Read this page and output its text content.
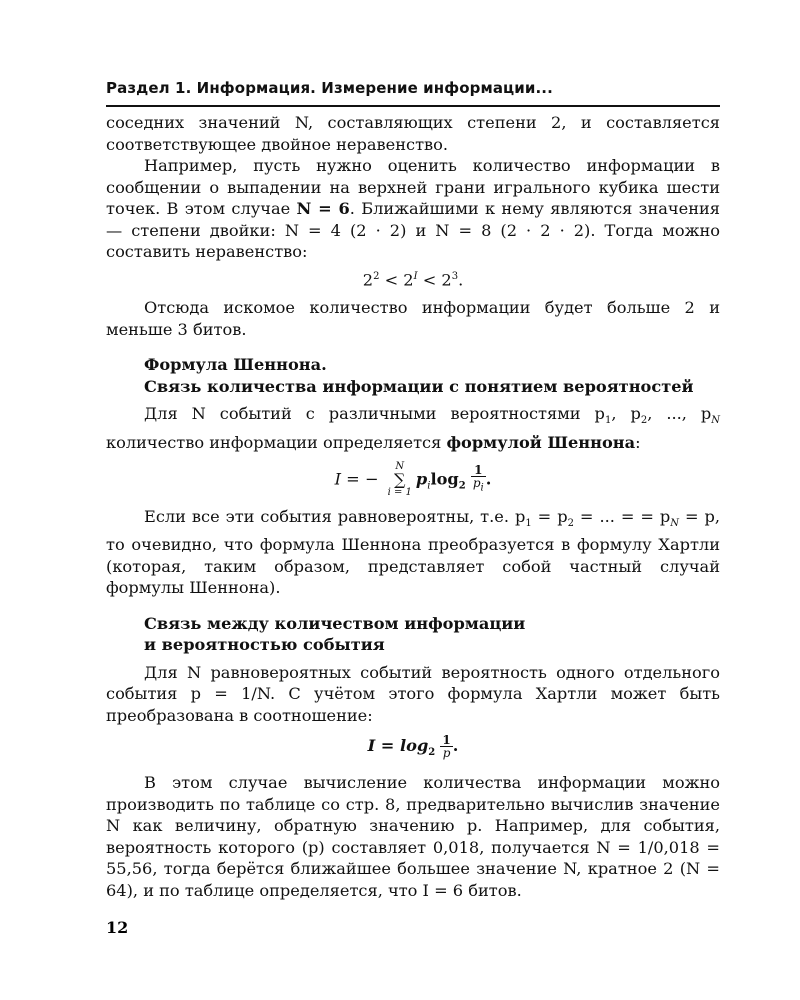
Раздел 1. Информация. Измерение информации...

соседних значений N, составляющих степени 2, и составляется соответствующее двойное неравенство.

Например, пусть нужно оценить количество информации в сообщении о выпадении на верхней грани игрального кубика шести точек. В этом случае N = 6. Ближайшими к нему являются значения — степени двойки: N = 4 (2 · 2) и N = 8 (2 · 2 · 2). Тогда можно составить неравенство:

$2^2 < 2^I < 2^3$.

Отсюда искомое количество информации будет больше 2 и меньше 3 битов.

Формула Шеннона.
Связь количества информации с понятием вероятностей

Для N событий с различными вероятностями $p_1$, $p_2$, ..., $p_N$ количество информации определяется формулой Шеннона:

I = − N
∑
$i = 1p_i\log_2 \frac{1}{p_i}$ .

Если все эти события равновероятны, т.е. $p_1 = p_2$ = ... = = $p_N = p$, то очевидно, что формула Шеннона преобразуется в формулу Хартли (которая, таким образом, представляет собой частный случай формулы Шеннона).

Связь между количеством информации
и вероятностью события

Для N равновероятных событий вероятность одного отдельного события p = 1/N. С учётом этого формула Хартли может быть преобразована в соотношение:

$I = \log_2 \frac{1}{p}$ .

В этом случае вычисление количества информации можно производить по таблице со стр. 8, предварительно вычислив значение N как величину, обратную значению p. Например, для события, вероятность которого (p) составляет 0,018, получается N = 1/0,018 = 55,56, тогда берётся ближайшее большее значение N, кратное 2 (N = 64), и по таблице определяется, что I = 6 битов.

12
